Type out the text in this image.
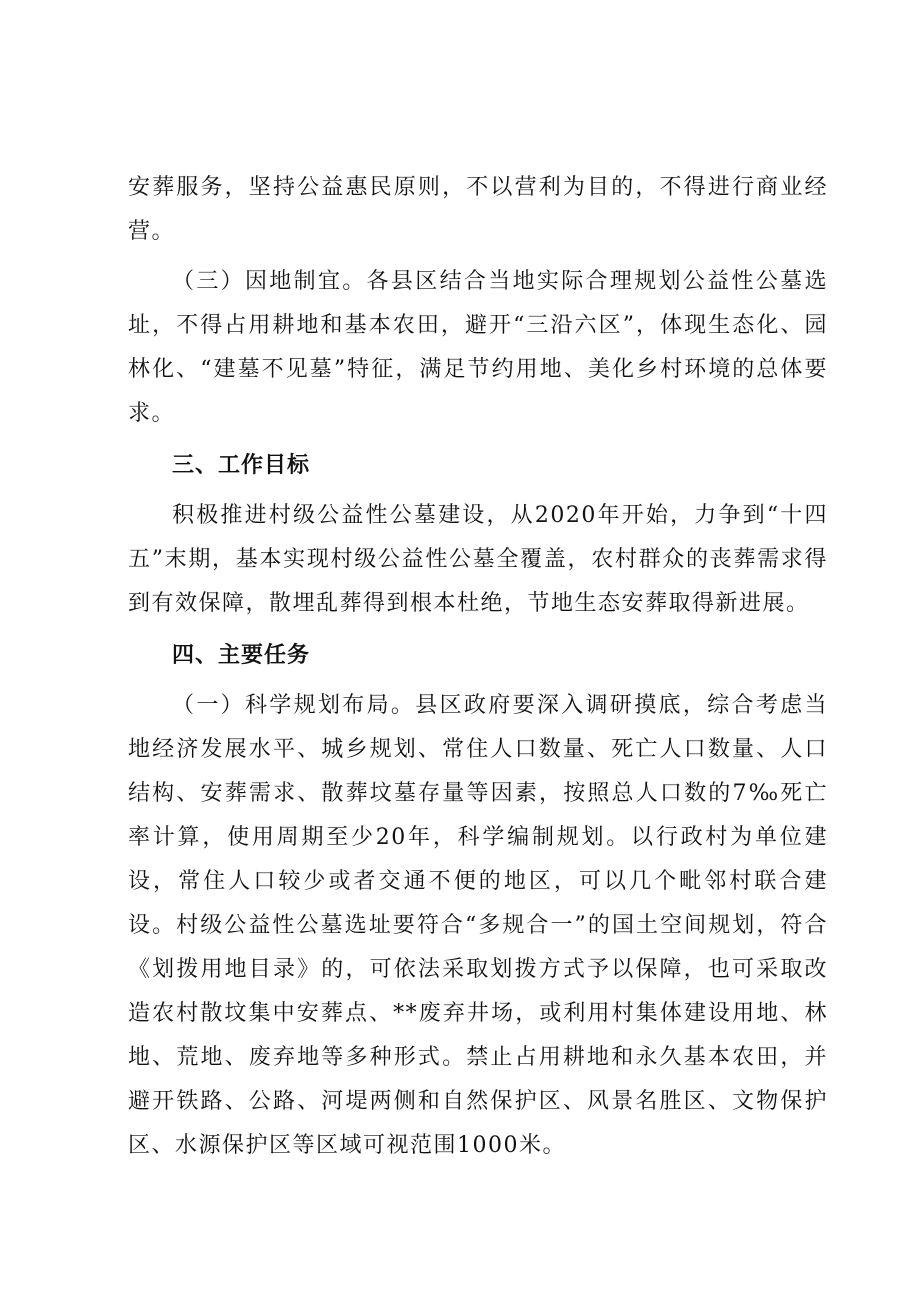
安葬服务，坚持公益惠民原则，不以营利为目的，不得进行商业经营。

（三）因地制宜。各县区结合当地实际合理规划公益性公墓选址，不得占用耕地和基本农田，避开“三沿六区”，体现生态化、园林化、“建墓不见墓”特征，满足节约用地、美化乡村环境的总体要求。

三、工作目标

积极推进村级公益性公墓建设，从2020年开始，力争到“十四五”末期，基本实现村级公益性公墓全覆盖，农村群众的丧葬需求得到有效保障，散埋乱葬得到根本杜绝，节地生态安葬取得新进展。

四、主要任务

（一）科学规划布局。县区政府要深入调研摸底，综合考虑当地经济发展水平、城乡规划、常住人口数量、死亡人口数量、人口结构、安葬需求、散葬坟墓存量等因素，按照总人口数的7‰死亡率计算，使用周期至少20年，科学编制规划。以行政村为单位建设，常住人口较少或者交通不便的地区，可以几个毗邻村联合建设。村级公益性公墓选址要符合“多规合一”的国土空间规划，符合《划拨用地目录》的，可依法采取划拨方式予以保障，也可采取改造农村散坟集中安葬点、**废弃井场，或利用村集体建设用地、林地、荒地、废弃地等多种形式。禁止占用耕地和永久基本农田，并避开铁路、公路、河堤两侧和自然保护区、风景名胜区、文物保护区、水源保护区等区域可视范围1000米。
